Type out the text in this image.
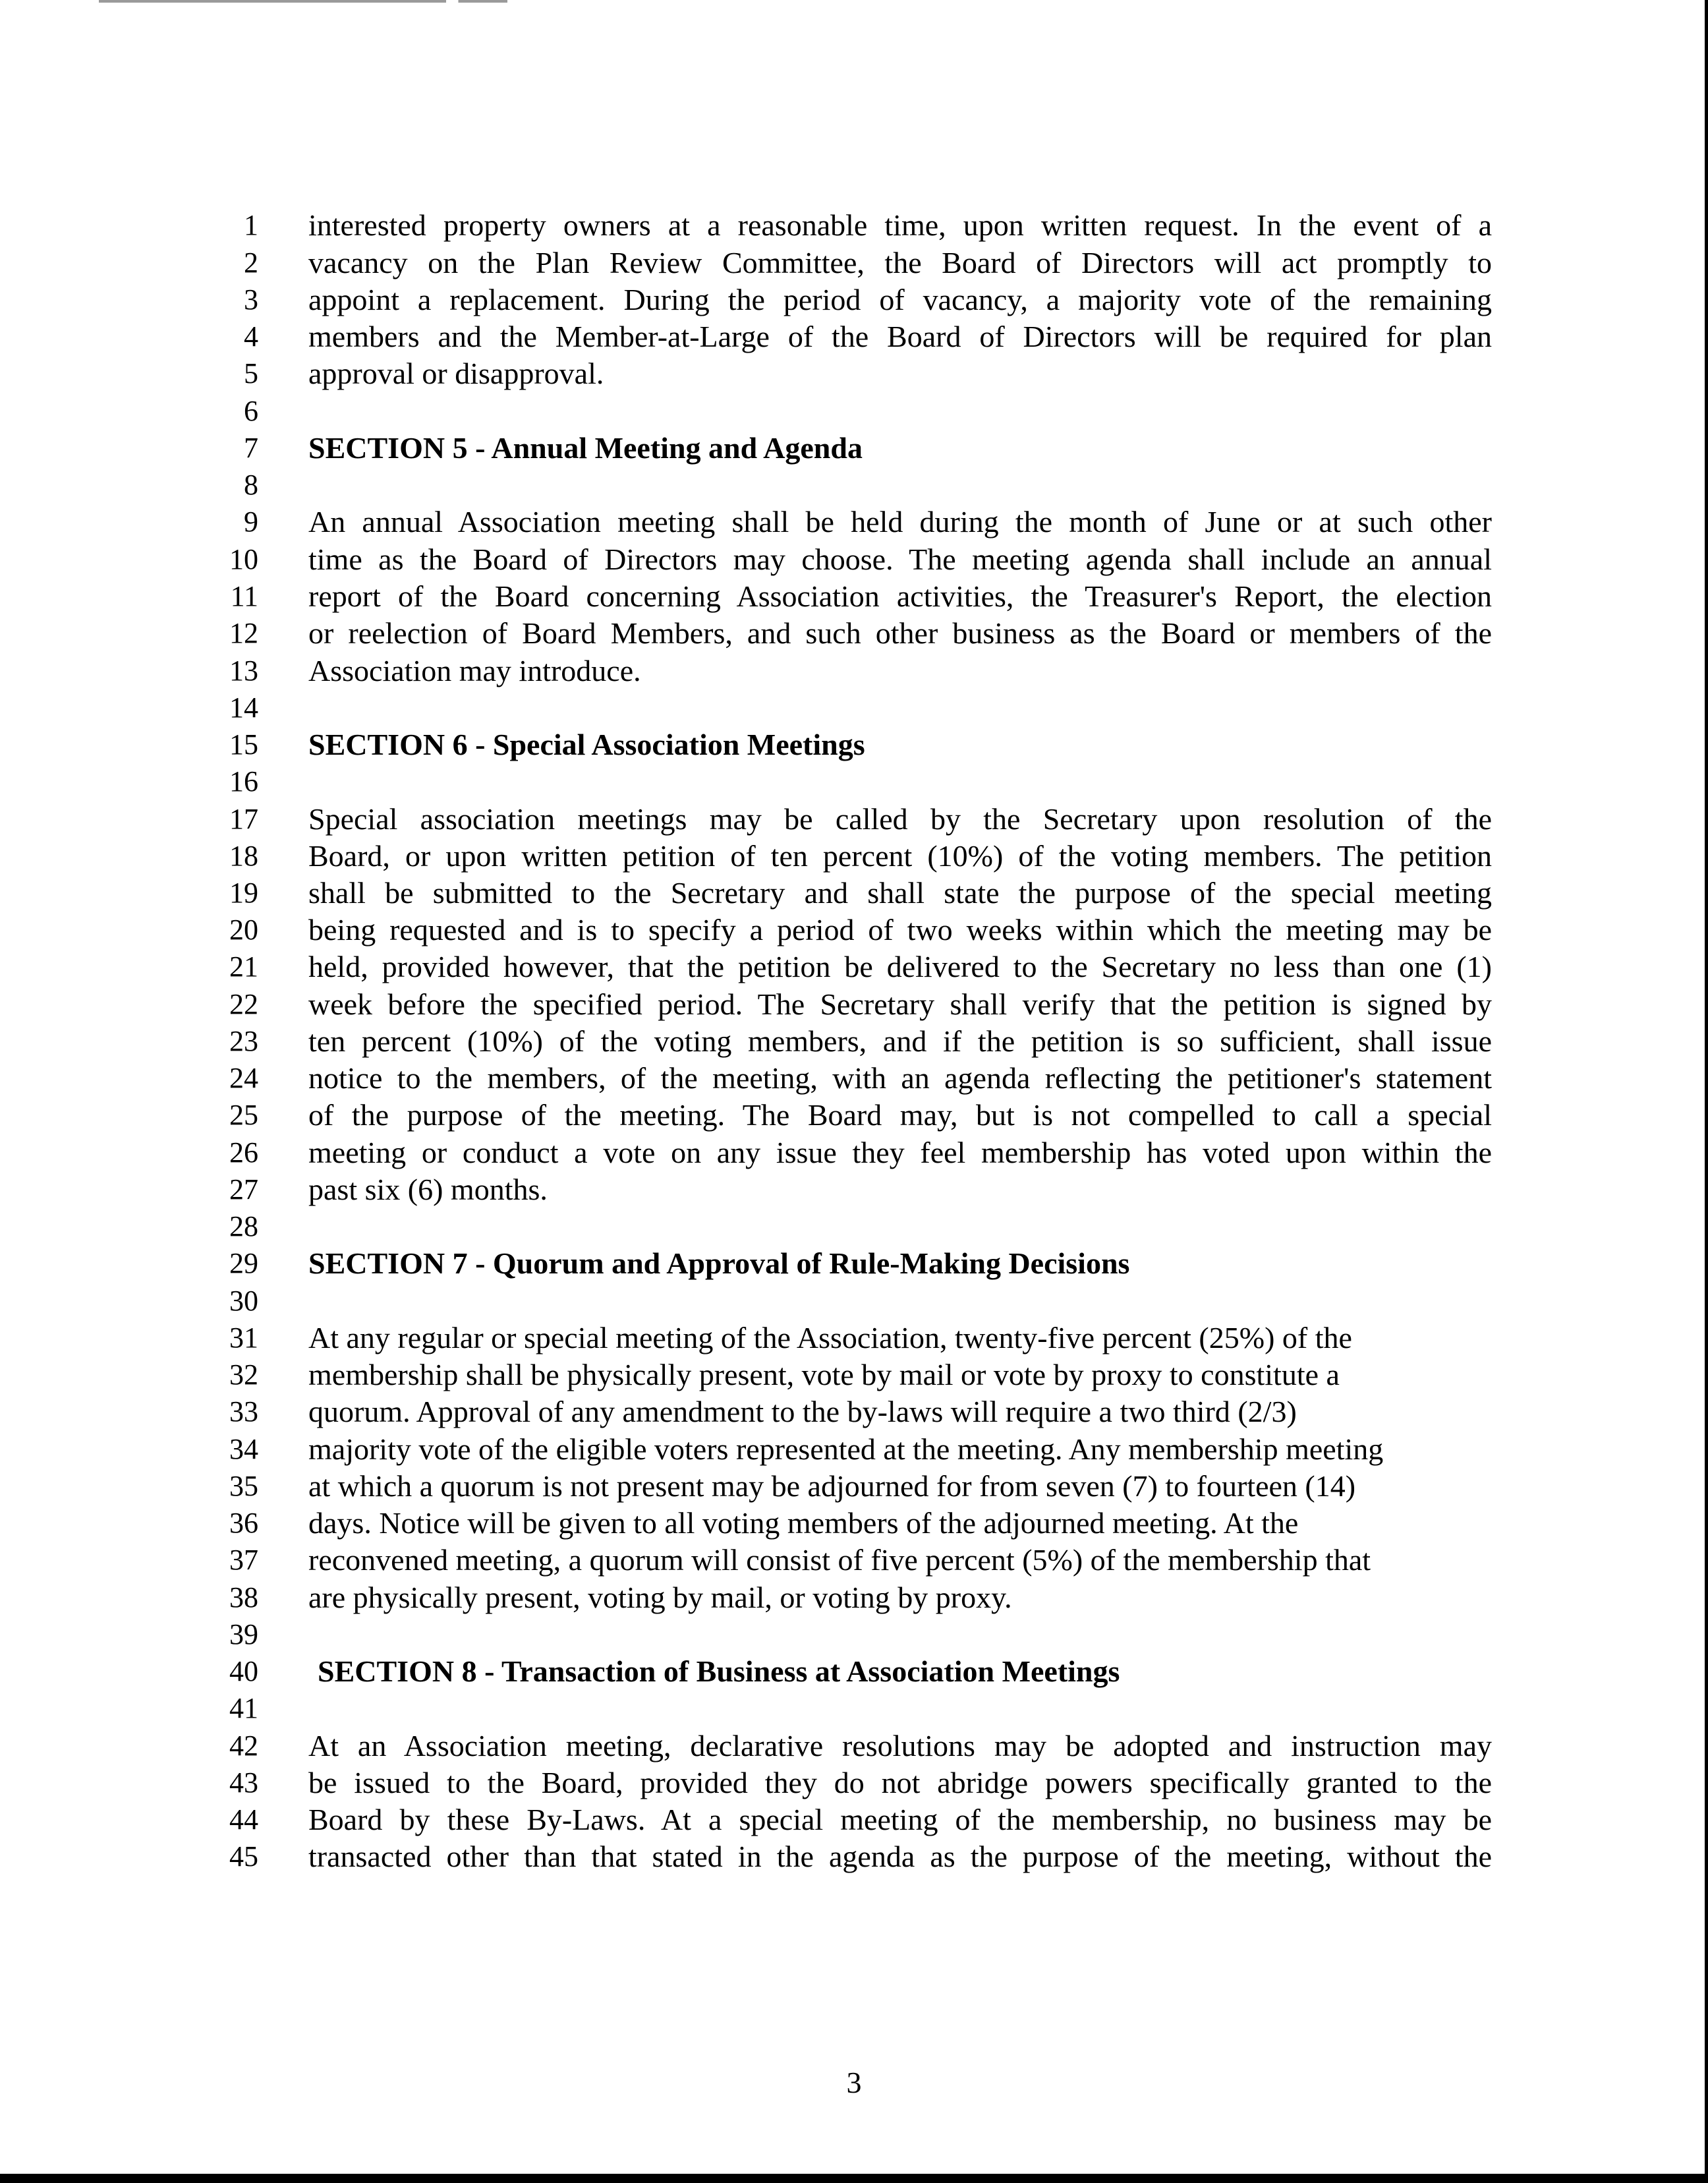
1 interested property owners at a reasonable time, upon written request. In the event of a
2 vacancy on the Plan Review Committee, the Board of Directors will act promptly to
3 appoint a replacement. During the period of vacancy, a majority vote of the remaining
4 members and the Member-at-Large of the Board of Directors will be required for plan
5 approval or disapproval.
6
7 SECTION 5 - Annual Meeting and Agenda
8
9 An annual Association meeting shall be held during the month of June or at such other
10 time as the Board of Directors may choose. The meeting agenda shall include an annual
11 report of the Board concerning Association activities, the Treasurer's Report, the election
12 or reelection of Board Members, and such other business as the Board or members of the
13 Association may introduce.
14
15 SECTION 6 - Special Association Meetings
16
17 Special association meetings may be called by the Secretary upon resolution of the
18 Board, or upon written petition of ten percent (10%) of the voting members. The petition
19 shall be submitted to the Secretary and shall state the purpose of the special meeting
20 being requested and is to specify a period of two weeks within which the meeting may be
21 held, provided however, that the petition be delivered to the Secretary no less than one (1)
22 week before the specified period. The Secretary shall verify that the petition is signed by
23 ten percent (10%) of the voting members, and if the petition is so sufficient, shall issue
24 notice to the members, of the meeting, with an agenda reflecting the petitioner's statement
25 of the purpose of the meeting. The Board may, but is not compelled to call a special
26 meeting or conduct a vote on any issue they feel membership has voted upon within the
27 past six (6) months.
28
29 SECTION 7 - Quorum and Approval of Rule-Making Decisions
30
31 At any regular or special meeting of the Association, twenty-five percent (25%) of the
32 membership shall be physically present, vote by mail or vote by proxy to constitute a
33 quorum. Approval of any amendment to the by-laws will require a two third (2/3)
34 majority vote of the eligible voters represented at the meeting. Any membership meeting
35 at which a quorum is not present may be adjourned for from seven (7) to fourteen (14)
36 days. Notice will be given to all voting members of the adjourned meeting. At the
37 reconvened meeting, a quorum will consist of five percent (5%) of the membership that
38 are physically present, voting by mail, or voting by proxy.
39
40 SECTION 8 - Transaction of Business at Association Meetings
41
42 At an Association meeting, declarative resolutions may be adopted and instruction may
43 be issued to the Board, provided they do not abridge powers specifically granted to the
44 Board by these By-Laws. At a special meeting of the membership, no business may be
45 transacted other than that stated in the agenda as the purpose of the meeting, without the
3
